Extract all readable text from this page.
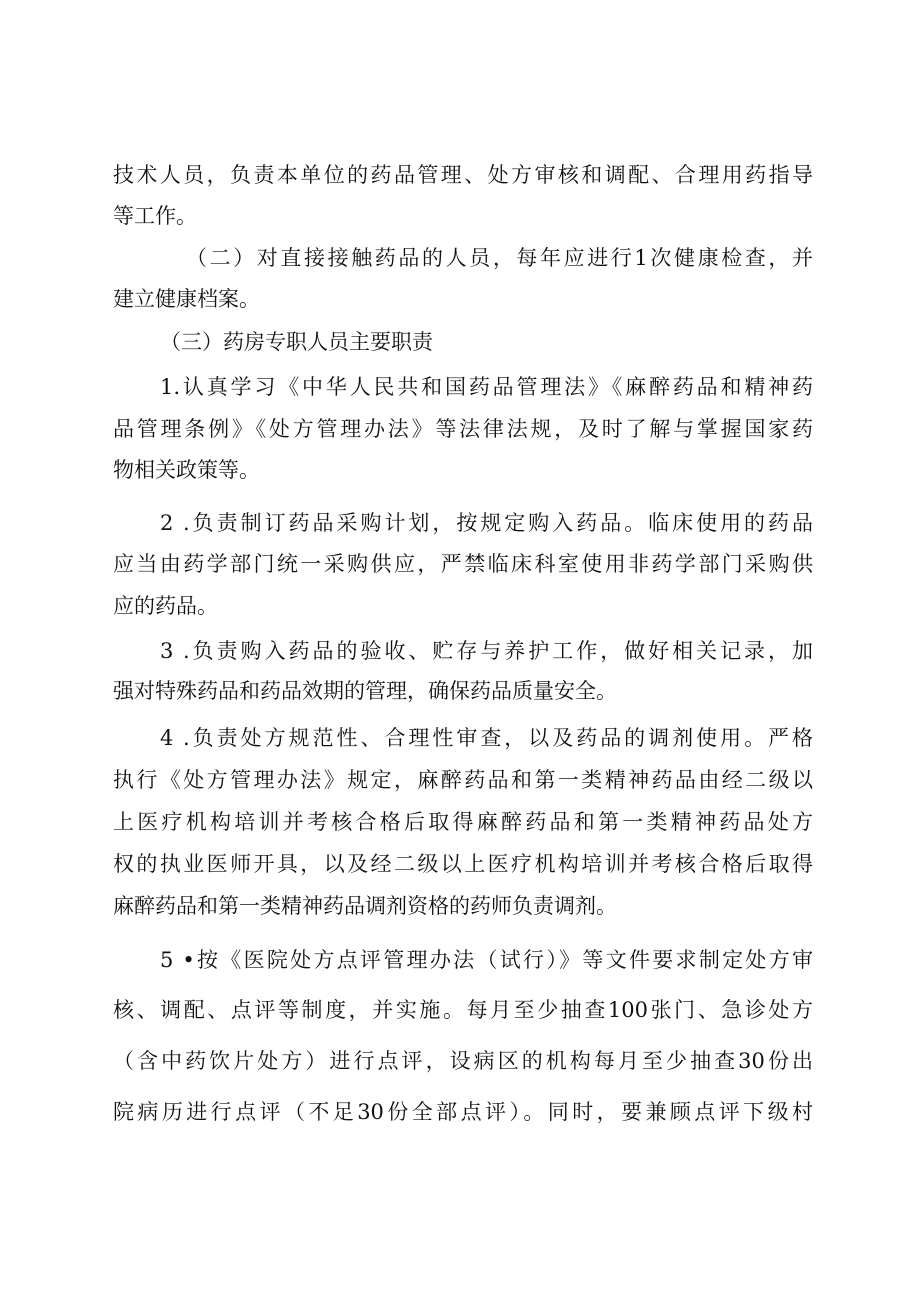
技术人员，负责本单位的药品管理、处方审核和调配、合理用药指导
等工作。
（二）对直接接触药品的人员，每年应进行1次健康检查，并
建立健康档案。
（三）药房专职人员主要职责
1.认真学习《中华人民共和国药品管理法》《麻醉药品和精神药
品管理条例》《处方管理办法》等法律法规，及时了解与掌握国家药
物相关政策等。
2 .负责制订药品采购计划，按规定购入药品。临床使用的药品
应当由药学部门统一采购供应，严禁临床科室使用非药学部门采购供
应的药品。
3 .负责购入药品的验收、贮存与养护工作，做好相关记录，加
强对特殊药品和药品效期的管理，确保药品质量安全。
4 .负责处方规范性、合理性审查，以及药品的调剂使用。严格
执行《处方管理办法》规定，麻醉药品和第一类精神药品由经二级以
上医疗机构培训并考核合格后取得麻醉药品和第一类精神药品处方
权的执业医师开具，以及经二级以上医疗机构培训并考核合格后取得
麻醉药品和第一类精神药品调剂资格的药师负责调剂。
5 •按《医院处方点评管理办法（试行）》等文件要求制定处方审
核、调配、点评等制度，并实施。每月至少抽查100张门、急诊处方
（含中药饮片处方）进行点评，设病区的机构每月至少抽查30份出
院病历进行点评（不足30份全部点评）。同时，要兼顾点评下级村
